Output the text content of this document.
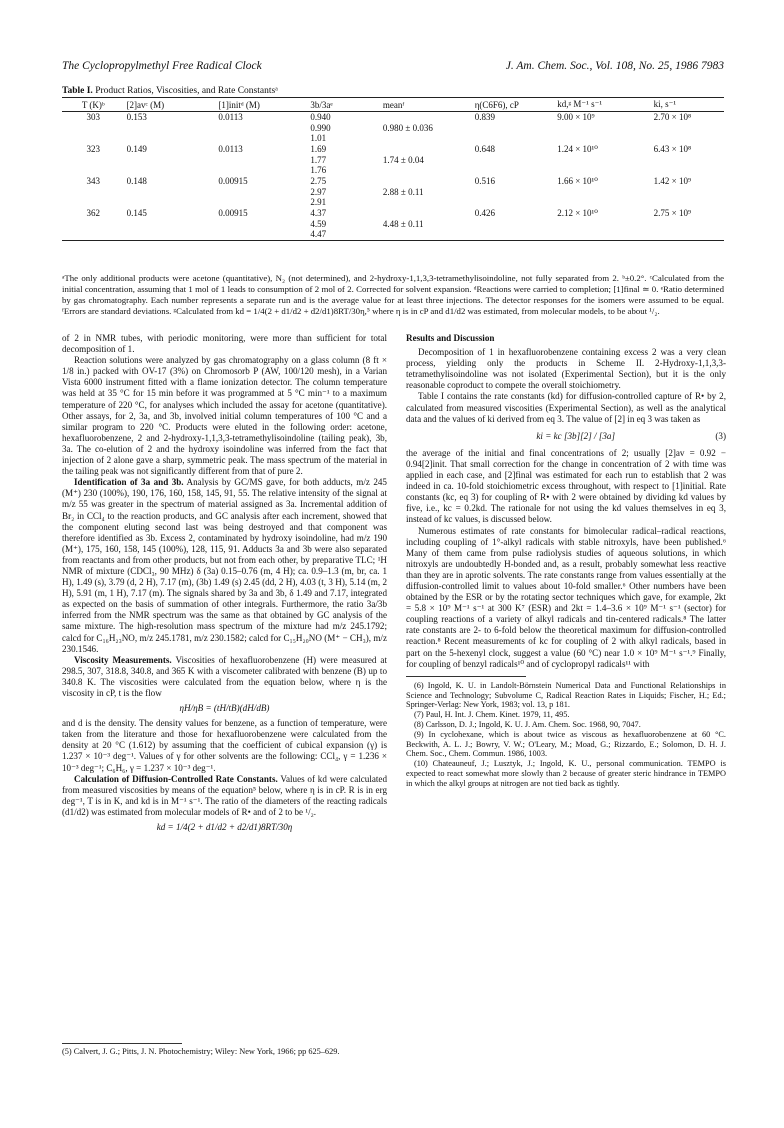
The Cyclopropylmethyl Free Radical Clock	J. Am. Chem. Soc., Vol. 108, No. 25, 1986 7983
Table I. Product Ratios, Viscosities, and Rate Constantsᵃ
T (K)ᵇ	[2]avᶜ (M)	[1]initᵈ (M)	3b/3aᵉ	meanᶠ	η(C6F6), cP	kd,ᵍ M⁻¹ s⁻¹	ki, s⁻¹
303	0.153	0.0113	0.940		0.839	9.00 × 10⁹	2.70 × 10⁸
			0.990	0.980 ± 0.036			
			1.01				
323	0.149	0.0113	1.69		0.648	1.24 × 10¹⁰	6.43 × 10⁸
			1.77	1.74 ± 0.04			
			1.76				
343	0.148	0.00915	2.75		0.516	1.66 × 10¹⁰	1.42 × 10⁹
			2.97	2.88 ± 0.11			
			2.91				
362	0.145	0.00915	4.37		0.426	2.12 × 10¹⁰	2.75 × 10⁹
			4.59	4.48 ± 0.11			
			4.47				
ᵃThe only additional products were acetone (quantitative), N₂ (not determined), and 2-hydroxy-1,1,3,3-tetramethylisoindoline, not fully separated from 2. ᵇ±0.2°. ᶜCalculated from the initial concentration, assuming that 1 mol of 1 leads to consumption of 2 mol of 2. Corrected for solvent expansion. ᵈReactions were carried to completion; [1]final ≃ 0. ᵉRatio determined by gas chromatography. Each number represents a separate run and is the average value for at least three injections. The detector responses for the isomers were assumed to be equal. ᶠErrors are standard deviations. ᵍCalculated from kd = 1/4(2 + d1/d2 + d2/d1)8RT/30η,⁵ where η is in cP and d1/d2 was estimated, from molecular models, to be about ¹/₂.

of 2 in NMR tubes, with periodic monitoring, were more than sufficient for total decomposition of 1.

Reaction solutions were analyzed by gas chromatography on a glass column (8 ft × 1/8 in.) packed with OV-17 (3%) on Chromosorb P (AW, 100/120 mesh), in a Varian Vista 6000 instrument fitted with a flame ionization detector. The column temperature was held at 35 °C for 15 min before it was programmed at 5 °C min⁻¹ to a maximum temperature of 220 °C, for analyses which included the assay for acetone (quantitative). Other assays, for 2, 3a, and 3b, involved initial column temperatures of 100 °C and a similar program to 220 °C. Products were eluted in the following order: acetone, hexafluorobenzene, 2 and 2-hydroxy-1,1,3,3-tetramethylisoindoline (tailing peak), 3b, 3a. The co-elution of 2 and the hydroxy isoindoline was inferred from the fact that injection of 2 alone gave a sharp, symmetric peak. The mass spectrum of the material in the tailing peak was not significantly different from that of pure 2.

Identification of 3a and 3b. Analysis by GC/MS gave, for both adducts, m/z 245 (M⁺) 230 (100%), 190, 176, 160, 158, 145, 91, 55. The relative intensity of the signal at m/z 55 was greater in the spectrum of material assigned as 3a. Incremental addition of Br₂ in CCl₄ to the reaction products, and GC analysis after each increment, showed that the component eluting second last was being destroyed and that component was therefore identified as 3b. Excess 2, contaminated by hydroxy isoindoline, had m/z 190 (M⁺), 175, 160, 158, 145 (100%), 128, 115, 91. Adducts 3a and 3b were also separated from reactants and from other products, but not from each other, by preparative TLC; ¹H NMR of mixture (CDCl₃, 90 MHz) δ (3a) 0.15–0.76 (m, 4 H); ca. 0.9–1.3 (m, br, ca. 1 H), 1.49 (s), 3.79 (d, 2 H), 7.17 (m), (3b) 1.49 (s) 2.45 (dd, 2 H), 4.03 (t, 3 H), 5.14 (m, 2 H), 5.91 (m, 1 H), 7.17 (m). The signals shared by 3a and 3b, δ 1.49 and 7.17, integrated as expected on the basis of summation of other integrals. Furthermore, the ratio 3a/3b inferred from the NMR spectrum was the same as that obtained by GC analysis of the same mixture. The high-resolution mass spectrum of the mixture had m/z 245.1792; calcd for C₁₆H₂₃NO, m/z 245.1781, m/z 230.1582; calcd for C₁₅H₂₀NO (M⁺ − CH₃), m/z 230.1546.

Viscosity Measurements. Viscosities of hexafluorobenzene (H) were measured at 298.5, 307, 318.8, 340.8, and 365 K with a viscometer calibrated with benzene (B) up to 340.8 K. The viscosities were calculated from the equation below, where η is the viscosity in cP, t is the flow

ηH/ηB = (tH/tB)(dH/dB)

and d is the density. The density values for benzene, as a function of temperature, were taken from the literature and those for hexafluorobenzene were calculated from the density at 20 °C (1.612) by assuming that the coefficient of cubical expansion (γ) is 1.237 × 10⁻³ deg⁻¹. Values of γ for other solvents are the following: CCl₄, γ = 1.236 × 10⁻³ deg⁻¹; C₆H₆, γ = 1.237 × 10⁻³ deg⁻¹.

Calculation of Diffusion-Controlled Rate Constants. Values of kd were calculated from measured viscosities by means of the equation⁵ below, where η is in cP. R is in erg deg⁻¹, T is in K, and kd is in M⁻¹ s⁻¹. The ratio of the diameters of the reacting radicals (d1/d2) was estimated from molecular models of R• and of 2 to be ¹/₂.

kd = 1/4(2 + d1/d2 + d2/d1)8RT/30η
(5) Calvert, J. G.; Pitts, J. N. Photochemistry; Wiley: New York, 1966; pp 625–629.

Results and Discussion

Decomposition of 1 in hexafluorobenzene containing excess 2 was a very clean process, yielding only the products in Scheme II. 2-Hydroxy-1,1,3,3-tetramethylisoindoline was not isolated (Experimental Section), but it is the only reasonable coproduct to compete the overall stoichiometry.

Table I contains the rate constants (kd) for diffusion-controlled capture of R• by 2, calculated from measured viscosities (Experimental Section), as well as the analytical data and the values of ki derived from eq 3. The value of [2] in eq 3 was taken as

ki = kc [3b][2] / [3a]	(3)

the average of the initial and final concentrations of 2; usually [2]av = 0.92 − 0.94[2]init. That small correction for the change in concentration of 2 with time was applied in each case, and [2]final was estimated for each run to establish that 2 was indeed in ca. 10-fold stoichiometric excess throughout, with respect to [1]initial. Rate constants (kc, eq 3) for coupling of R• with 2 were obtained by dividing kd values by five, i.e., kc = 0.2kd. The rationale for not using the kd values themselves in eq 3, instead of kc values, is discussed below.

Numerous estimates of rate constants for bimolecular radical–radical reactions, including coupling of 1°-alkyl radicals with stable nitroxyls, have been published.⁶ Many of them came from pulse radiolysis studies of aqueous solutions, in which nitroxyls are undoubtedly H-bonded and, as a result, probably somewhat less reactive than they are in aprotic solvents. The rate constants range from values essentially at the diffusion-controlled limit to values about 10-fold smaller.⁶ Other numbers have been obtained by the ESR or by the rotating sector techniques which gave, for example, 2kt = 5.8 × 10⁹ M⁻¹ s⁻¹ at 300 K⁷ (ESR) and 2kt = 1.4–3.6 × 10⁹ M⁻¹ s⁻¹ (sector) for coupling reactions of a variety of alkyl radicals and tin-centered radicals.⁸ The latter rate constants are 2- to 6-fold below the theoretical maximum for diffusion-controlled reaction.⁸ Recent measurements of kc for coupling of 2 with alkyl radicals, based in part on the 5-hexenyl clock, suggest a value (60 °C) near 1.0 × 10⁹ M⁻¹ s⁻¹.⁹ Finally, for coupling of benzyl radicals¹⁰ and of cyclopropyl radicals¹¹ with

(6) Ingold, K. U. in Landolt-Börnstein Numerical Data and Functional Relationships in Science and Technology; Subvolume C, Radical Reaction Rates in Liquids; Fischer, H.; Ed.; Springer-Verlag: New York, 1983; vol. 13, p 181.

(7) Paul, H. Int. J. Chem. Kinet. 1979, 11, 495.

(8) Carlsson, D. J.; Ingold, K. U. J. Am. Chem. Soc. 1968, 90, 7047.

(9) In cyclohexane, which is about twice as viscous as hexafluorobenzene at 60 °C. Beckwith, A. L. J.; Bowry, V. W.; O'Leary, M.; Moad, G.; Rizzardo, E.; Solomon, D. H. J. Chem. Soc., Chem. Commun. 1986, 1003.

(10) Chateauneuf, J.; Lusztyk, J.; Ingold, K. U., personal communication. TEMPO is expected to react somewhat more slowly than 2 because of greater steric hindrance in TEMPO in which the alkyl groups at nitrogen are not tied back as tightly.
